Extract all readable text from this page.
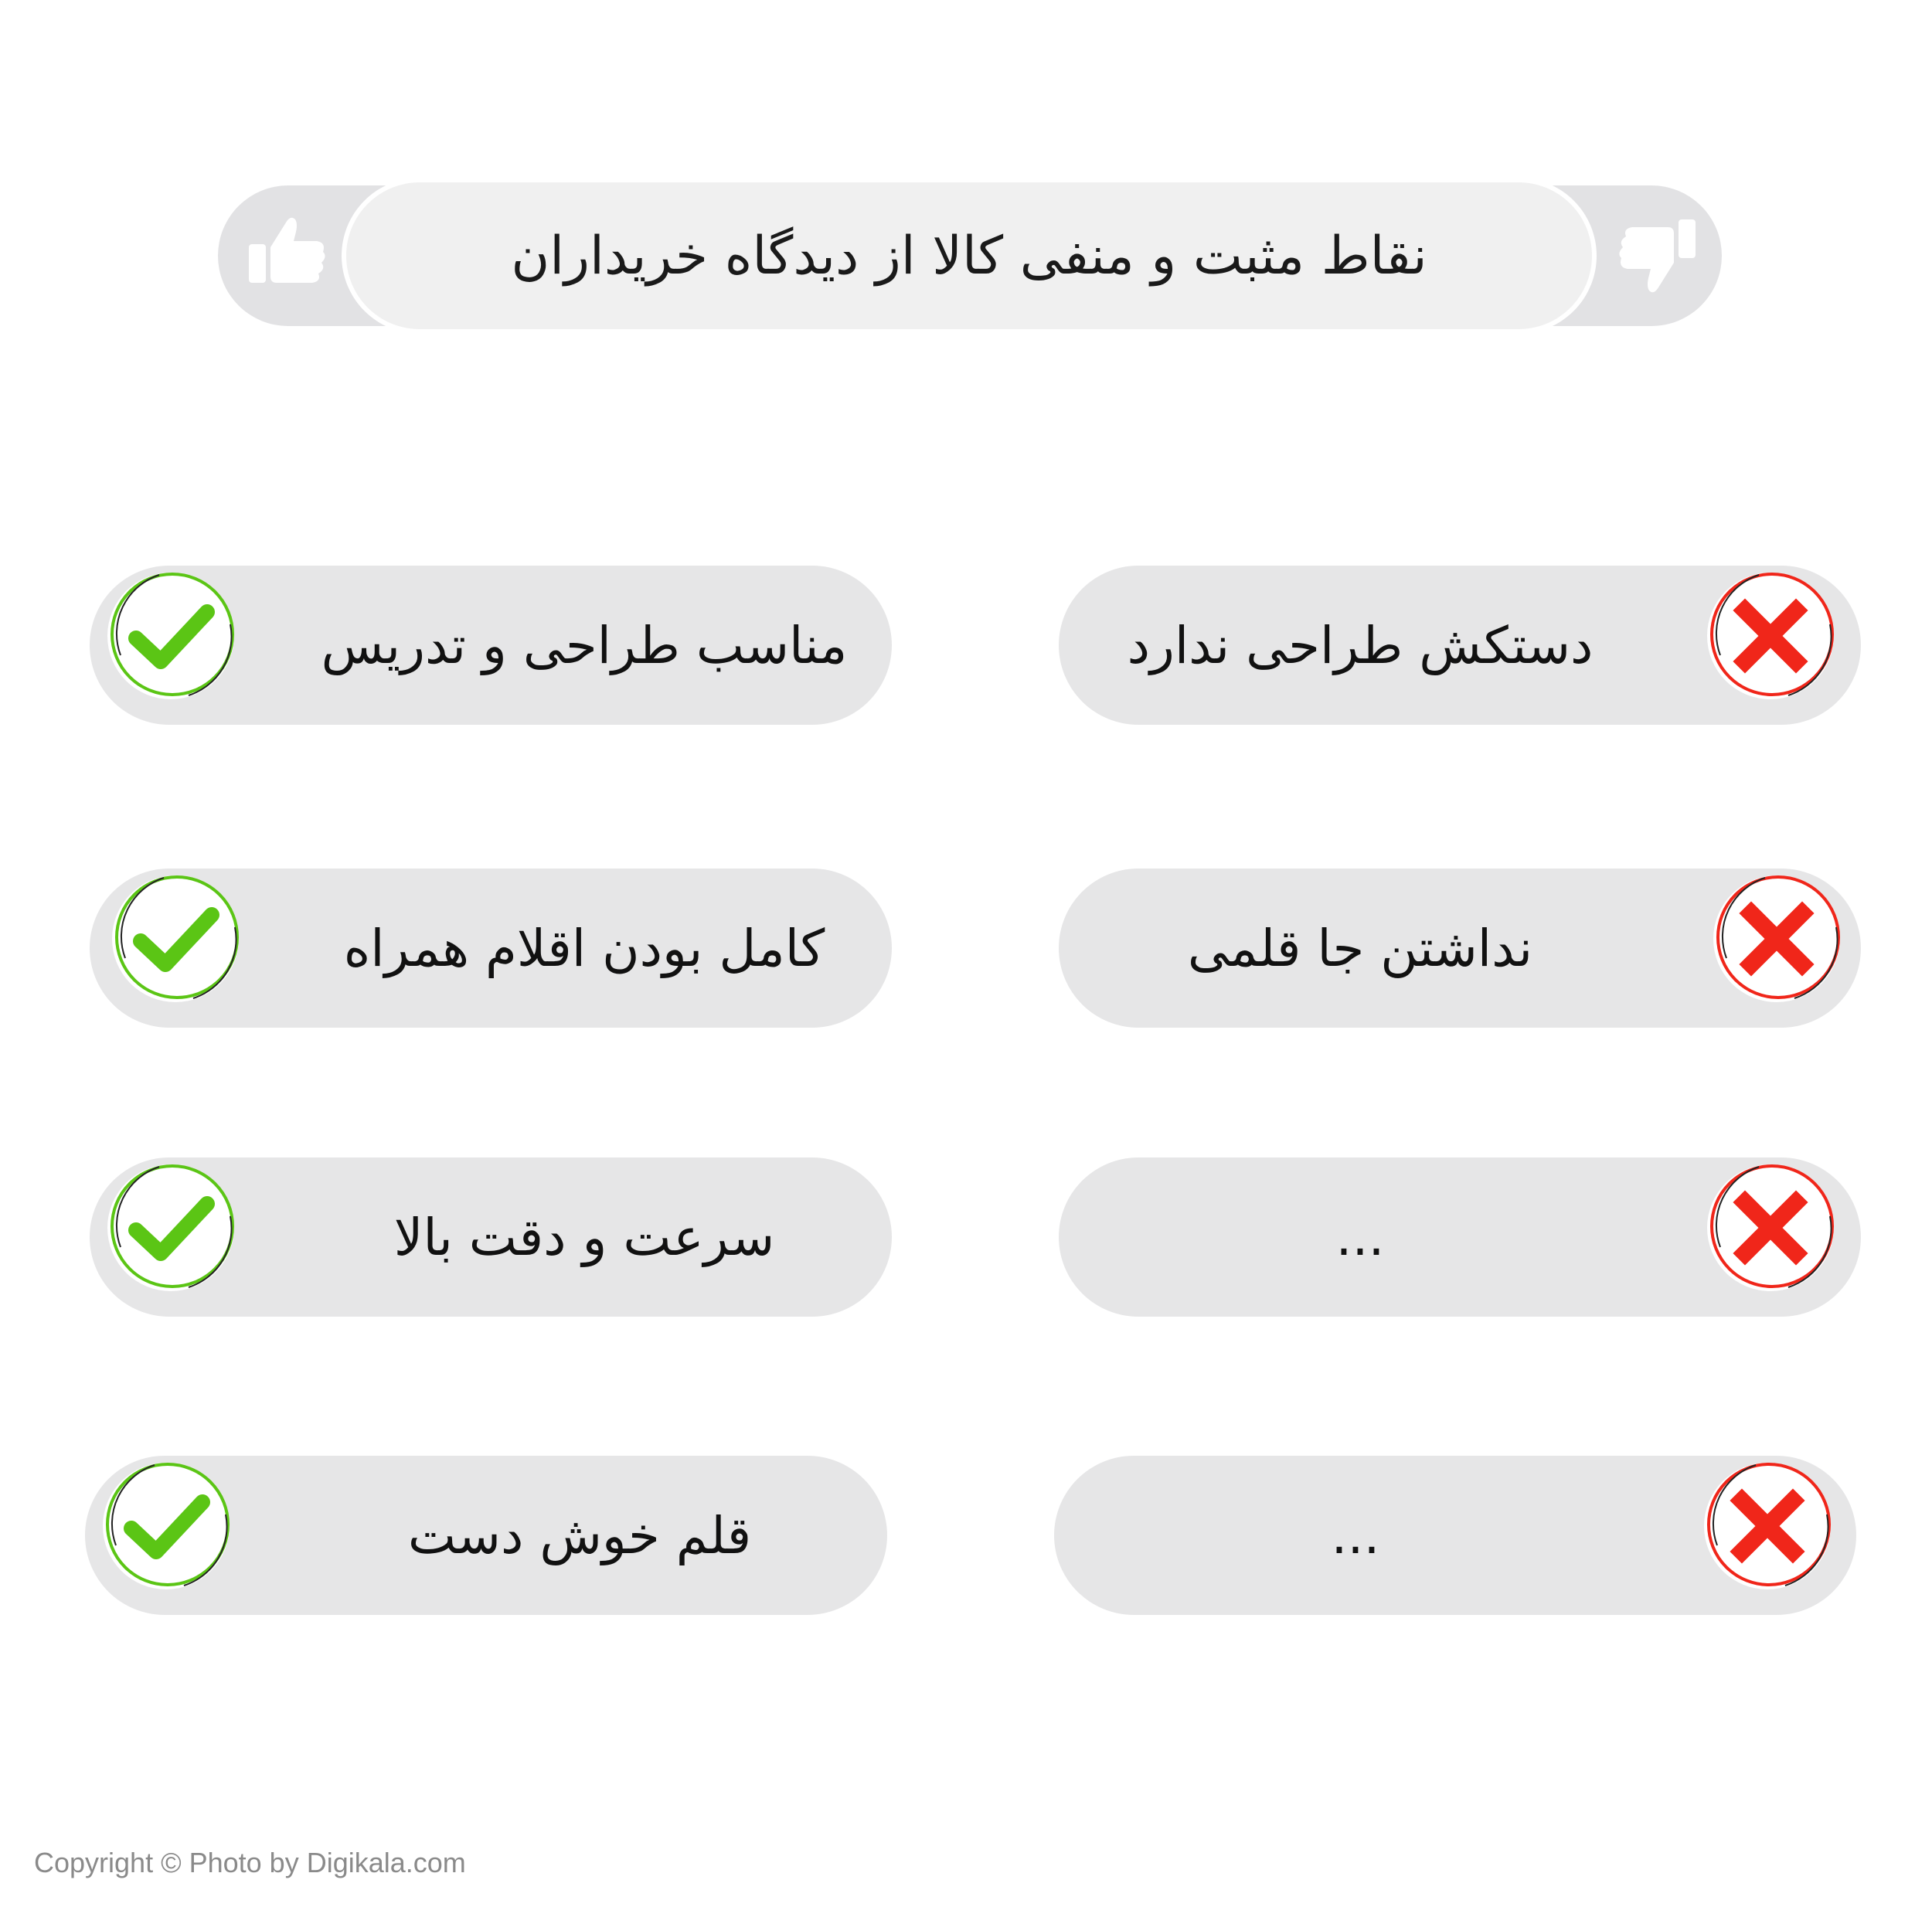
نقاط مثبت و منفی کالا از دیدگاه خریداران
مناسب طراحی و تدریس
کامل بودن اقلام همراه
سرعت و دقت بالا
قلم خوش دست
دستکش طراحی ندارد
نداشتن جا قلمی
...
...
Copyright © Photo by Digikala.com
